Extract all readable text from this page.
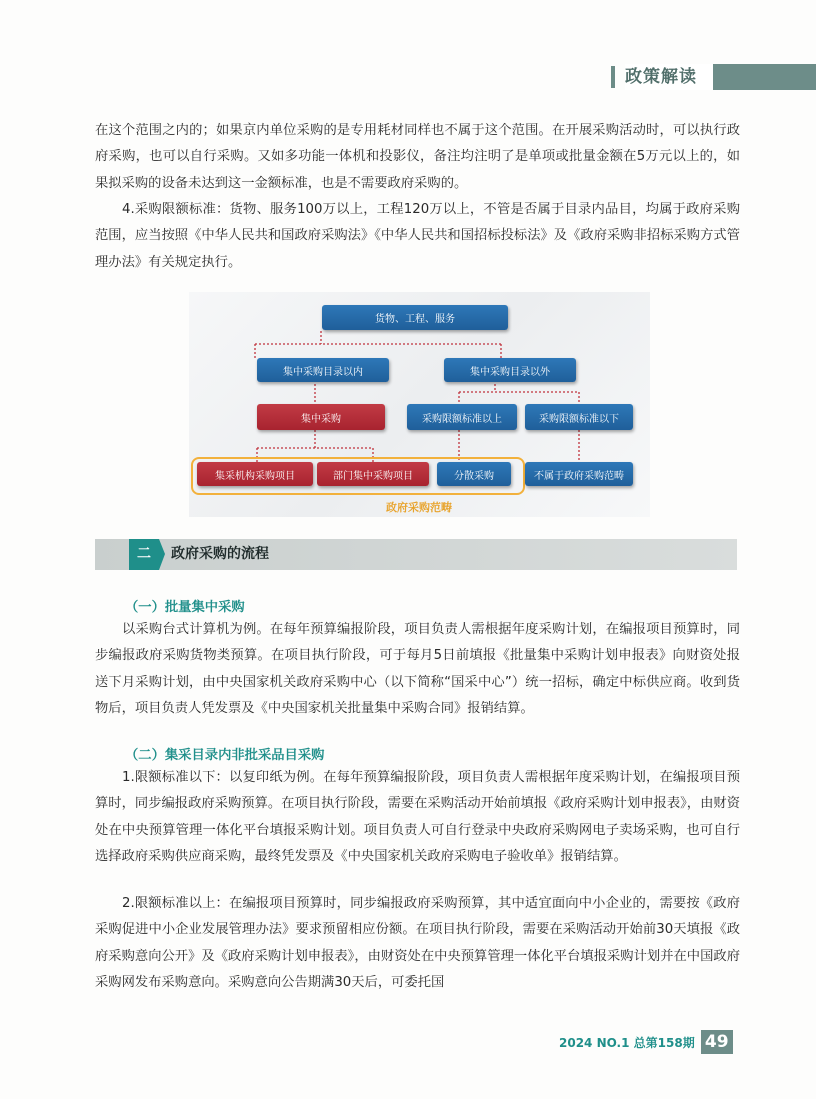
政策解读

在这个范围之内的；如果京内单位采购的是专用耗材同样也不属于这个范围。在开展采购活动时，可以执行政府采购，也可以自行采购。又如多功能一体机和投影仪，备注均注明了是单项或批量金额在5万元以上的，如果拟采购的设备未达到这一金额标准，也是不需要政府采购的。

4.采购限额标准：货物、服务100万以上，工程120万以上，不管是否属于目录内品目，均属于政府采购范围，应当按照《中华人民共和国政府采购法》《中华人民共和国招标投标法》及《政府采购非招标采购方式管理办法》有关规定执行。

货物、工程、服务
集中采购目录以内	集中采购目录以外
集中采购	采购限额标准以上	采购限额标准以下
集采机构采购项目	部门集中采购项目	分散采购	不属于政府采购范畴
政府采购范畴
二	政府采购的流程

（一）批量集中采购

以采购台式计算机为例。在每年预算编报阶段，项目负责人需根据年度采购计划，在编报项目预算时，同步编报政府采购货物类预算。在项目执行阶段，可于每月5日前填报《批量集中采购计划申报表》向财资处报送下月采购计划，由中央国家机关政府采购中心（以下简称“国采中心”）统一招标，确定中标供应商。收到货物后，项目负责人凭发票及《中央国家机关批量集中采购合同》报销结算。

（二）集采目录内非批采品目采购

1.限额标准以下：以复印纸为例。在每年预算编报阶段，项目负责人需根据年度采购计划，在编报项目预算时，同步编报政府采购预算。在项目执行阶段，需要在采购活动开始前填报《政府采购计划申报表》，由财资处在中央预算管理一体化平台填报采购计划。项目负责人可自行登录中央政府采购网电子卖场采购，也可自行选择政府采购供应商采购，最终凭发票及《中央国家机关政府采购电子验收单》报销结算。

2.限额标准以上：在编报项目预算时，同步编报政府采购预算，其中适宜面向中小企业的，需要按《政府采购促进中小企业发展管理办法》要求预留相应份额。在项目执行阶段，需要在采购活动开始前30天填报《政府采购意向公开》及《政府采购计划申报表》，由财资处在中央预算管理一体化平台填报采购计划并在中国政府采购网发布采购意向。采购意向公告期满30天后，可委托国

2024 NO.1 总第158期 49
